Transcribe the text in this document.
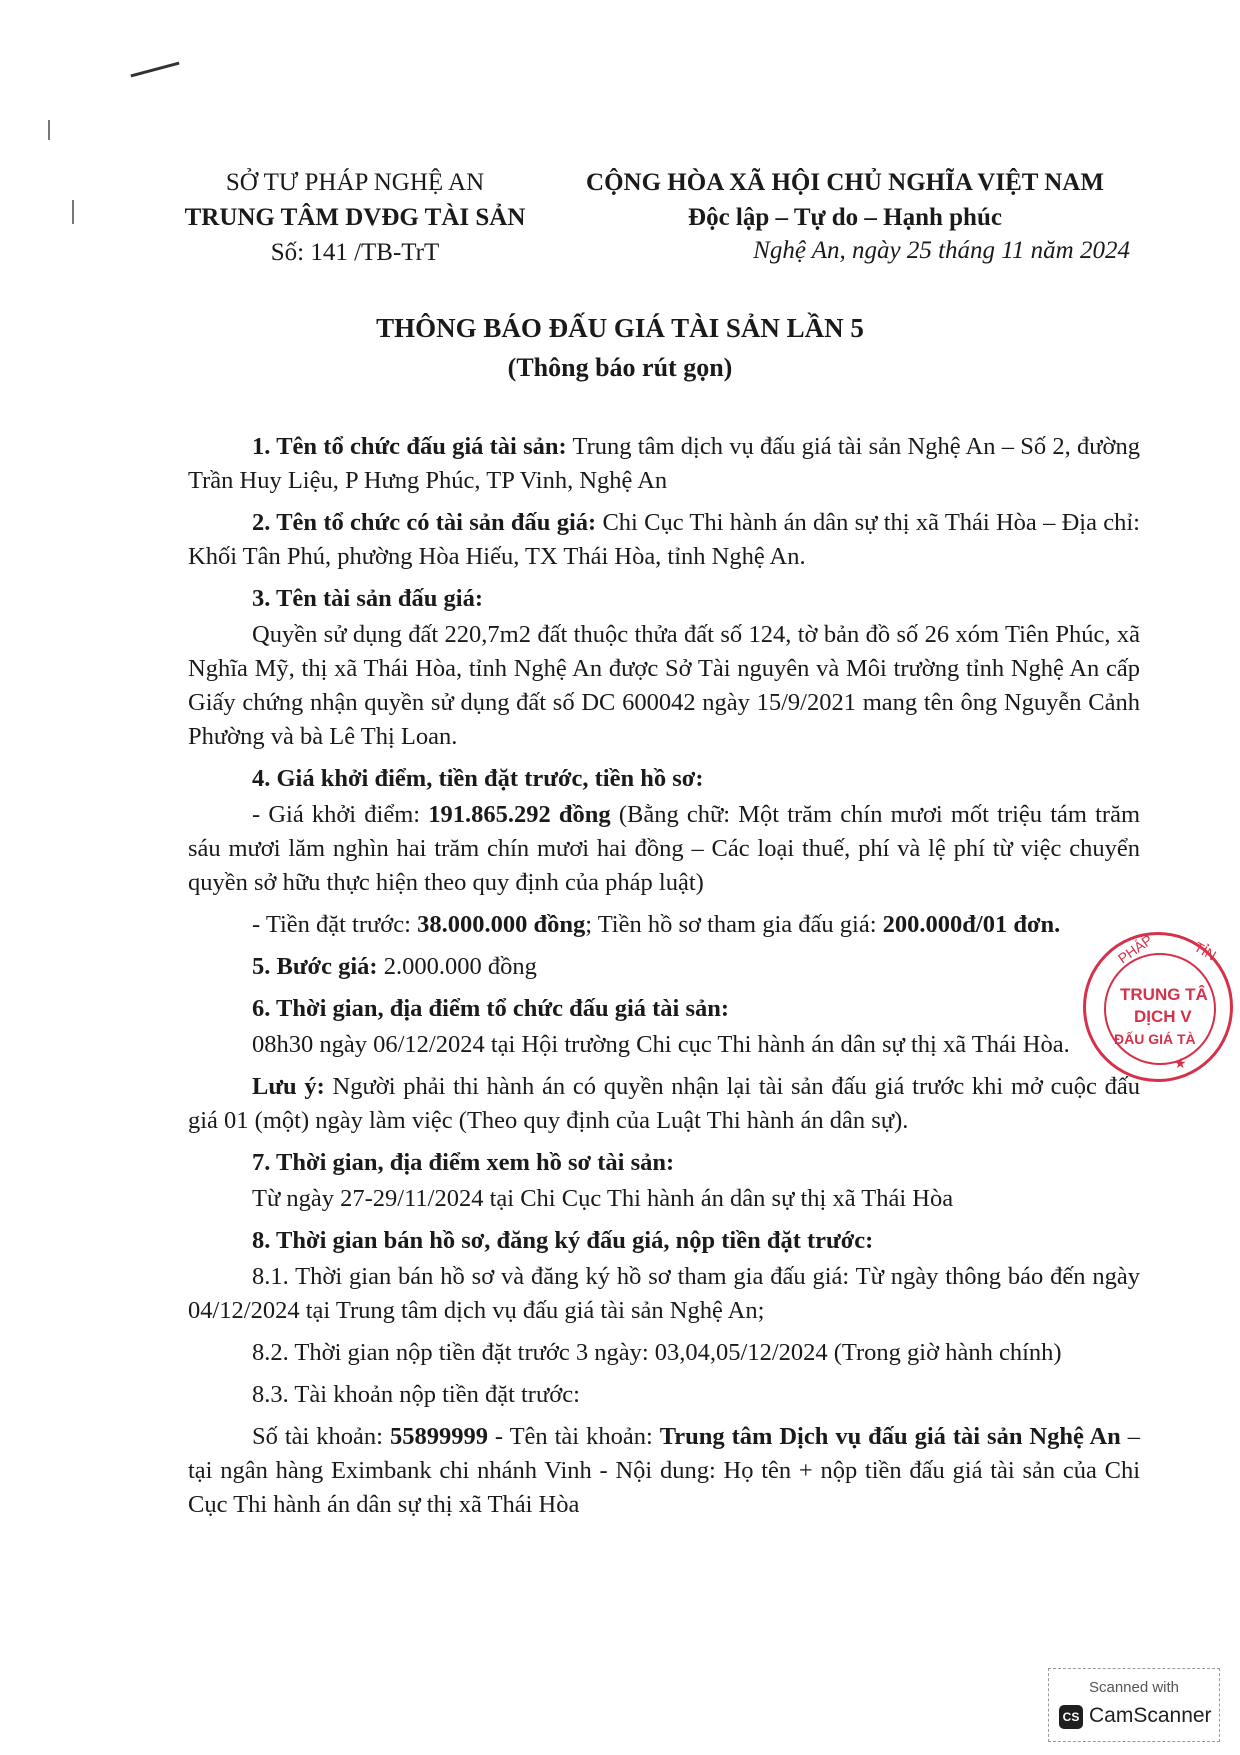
SỞ TƯ PHÁP NGHỆ AN
TRUNG TÂM DVĐG TÀI SẢN
Số: 141 /TB-TrT
CỘNG HÒA XÃ HỘI CHỦ NGHĨA VIỆT NAM
Độc lập – Tự do – Hạnh phúc
Nghệ An, ngày 25 tháng 11 năm 2024
THÔNG BÁO ĐẤU GIÁ TÀI SẢN LẦN 5
(Thông báo rút gọn)

1. Tên tổ chức đấu giá tài sản: Trung tâm dịch vụ đấu giá tài sản Nghệ An – Số 2, đường Trần Huy Liệu, P Hưng Phúc, TP Vinh, Nghệ An

2. Tên tổ chức có tài sản đấu giá: Chi Cục Thi hành án dân sự thị xã Thái Hòa – Địa chỉ: Khối Tân Phú, phường Hòa Hiếu, TX Thái Hòa, tỉnh Nghệ An.

3. Tên tài sản đấu giá:

Quyền sử dụng đất 220,7m2 đất thuộc thửa đất số 124, tờ bản đồ số 26 xóm Tiên Phúc, xã Nghĩa Mỹ, thị xã Thái Hòa, tỉnh Nghệ An được Sở Tài nguyên và Môi trường tỉnh Nghệ An cấp Giấy chứng nhận quyền sử dụng đất số DC 600042 ngày 15/9/2021 mang tên ông Nguyễn Cảnh Phường và bà Lê Thị Loan.

4. Giá khởi điểm, tiền đặt trước, tiền hồ sơ:

- Giá khởi điểm: 191.865.292 đồng (Bằng chữ: Một trăm chín mươi mốt triệu tám trăm sáu mươi lăm nghìn hai trăm chín mươi hai đồng – Các loại thuế, phí và lệ phí từ việc chuyển quyền sở hữu thực hiện theo quy định của pháp luật)

- Tiền đặt trước: 38.000.000 đồng; Tiền hồ sơ tham gia đấu giá: 200.000đ/01 đơn.

5. Bước giá: 2.000.000 đồng

6. Thời gian, địa điểm tổ chức đấu giá tài sản:

08h30 ngày 06/12/2024 tại Hội trường Chi cục Thi hành án dân sự thị xã Thái Hòa.

Lưu ý: Người phải thi hành án có quyền nhận lại tài sản đấu giá trước khi mở cuộc đấu giá 01 (một) ngày làm việc (Theo quy định của Luật Thi hành án dân sự).

7. Thời gian, địa điểm xem hồ sơ tài sản:

Từ ngày 27-29/11/2024 tại Chi Cục Thi hành án dân sự thị xã Thái Hòa

8. Thời gian bán hồ sơ, đăng ký đấu giá, nộp tiền đặt trước:

8.1. Thời gian bán hồ sơ và đăng ký hồ sơ tham gia đấu giá: Từ ngày thông báo đến ngày 04/12/2024 tại Trung tâm dịch vụ đấu giá tài sản Nghệ An;

8.2. Thời gian nộp tiền đặt trước 3 ngày: 03,04,05/12/2024 (Trong giờ hành chính)

8.3. Tài khoản nộp tiền đặt trước:

Số tài khoản: 55899999 - Tên tài khoản: Trung tâm Dịch vụ đấu giá tài sản Nghệ An – tại ngân hàng Eximbank chi nhánh Vinh - Nội dung: Họ tên + nộp tiền đấu giá tài sản của Chi Cục Thi hành án dân sự thị xã Thái Hòa

PHÁP	TỈN
TRUNG TÂ
DỊCH V
ĐẤU GIÁ TÀ
★
Scanned with
CS CamScanner
